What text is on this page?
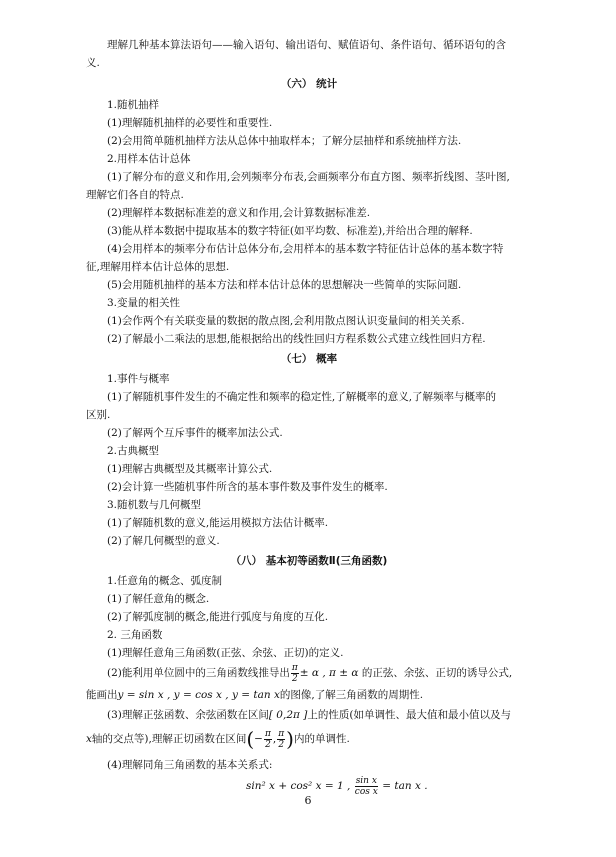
理解几种基本算法语句——输入语句、输出语句、赋值语句、条件语句、循环语句的含
义.
（六） 统计
1.随机抽样
(1)理解随机抽样的必要性和重要性.
(2)会用简单随机抽样方法从总体中抽取样本；了解分层抽样和系统抽样方法.
2.用样本估计总体
(1)了解分布的意义和作用,会列频率分布表,会画频率分布直方图、频率折线图、茎叶图,
理解它们各自的特点.
(2)理解样本数据标准差的意义和作用,会计算数据标准差.
(3)能从样本数据中提取基本的数字特征(如平均数、标准差),并给出合理的解释.
(4)会用样本的频率分布估计总体分布,会用样本的基本数字特征估计总体的基本数字特
征,理解用样本估计总体的思想.
(5)会用随机抽样的基本方法和样本估计总体的思想解决一些简单的实际问题.
3.变量的相关性
(1)会作两个有关联变量的数据的散点图,会利用散点图认识变量间的相关关系.
(2)了解最小二乘法的思想,能根据给出的线性回归方程系数公式建立线性回归方程.
（七） 概率
1.事件与概率
(1)了解随机事件发生的不确定性和频率的稳定性,了解概率的意义,了解频率与概率的
区别.
(2)了解两个互斥事件的概率加法公式.
2.古典概型
(1)理解古典概型及其概率计算公式.
(2)会计算一些随机事件所含的基本事件数及事件发生的概率.
3.随机数与几何概型
(1)了解随机数的意义,能运用模拟方法估计概率.
(2)了解几何概型的意义.
（八） 基本初等函数Ⅱ(三角函数)
1.任意角的概念、弧度制
(1)了解任意角的概念.
(2)了解弧度制的概念,能进行弧度与角度的互化.
2. 三角函数
(1)理解任意角三角函数(正弦、余弦、正切)的定义.
(2)能利用单位圆中的三角函数线推导出 $\frac{\pi}{2} \pm \alpha$ , π ± α 的正弦、余弦、正切的诱导公式,
能画出y = sin x , y = cos x , y = tan x的图像,了解三角函数的周期性.
(3)理解正弦函数、余弦函数在区间[ 0,2π ]上的性质(如单调性、最大值和最小值以及与
x轴的交点等),理解正切函数在区间(− $\frac{\pi}{2}$ , $\frac{\pi}{2}$ )内的单调性.
(4)理解同角三角函数的基本关系式:
sin² x + cos² x = 1 , $\frac{\text{sin x}}{\text{cos x}} = \tan x$ .
6
